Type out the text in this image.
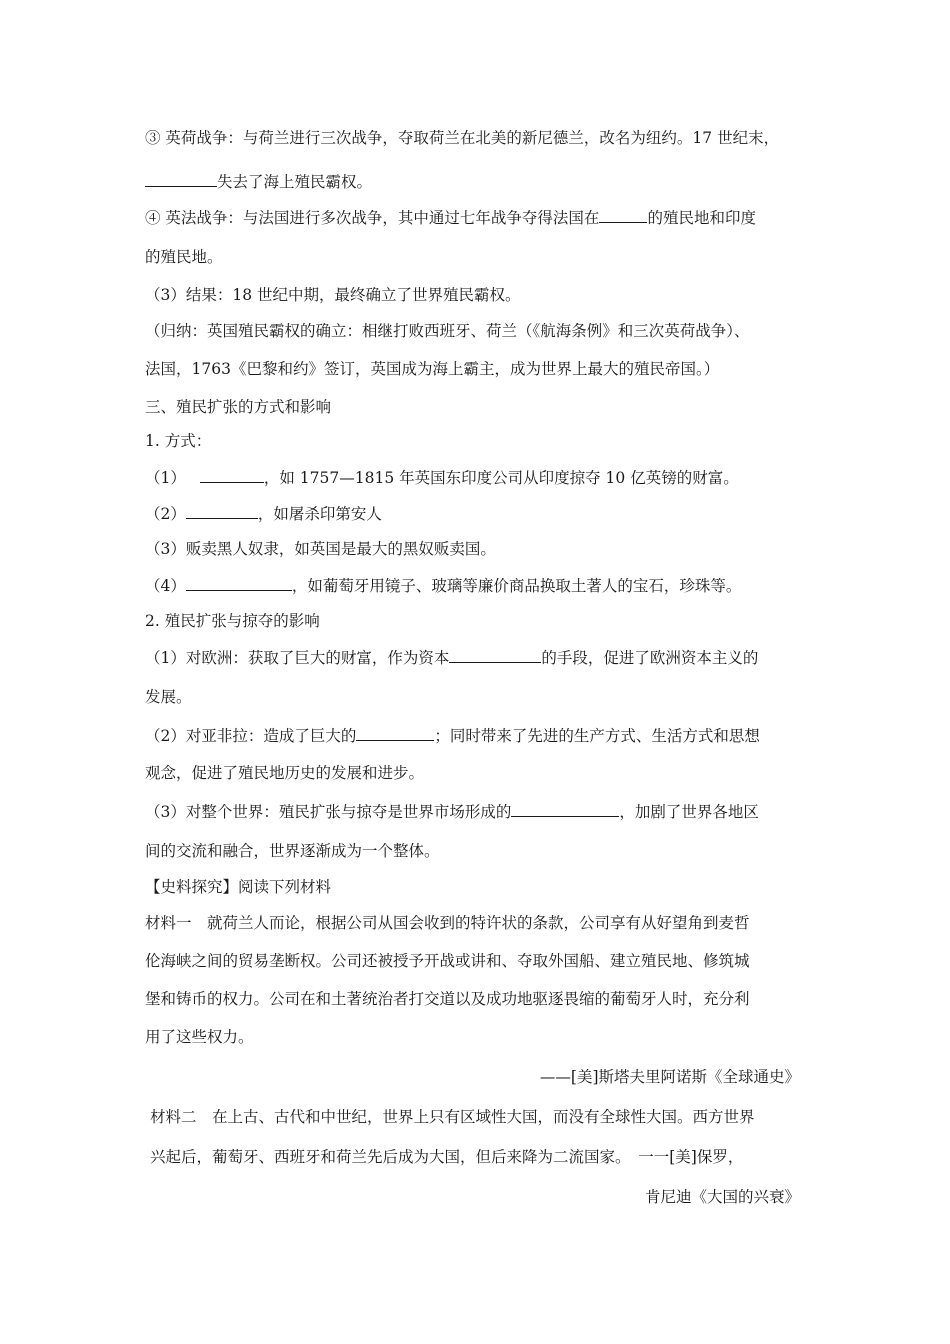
③ 英荷战争：与荷兰进行三次战争，夺取荷兰在北美的新尼德兰，改名为纽约。17 世纪末，
失去了海上殖民霸权。
④ 英法战争：与法国进行多次战争，其中通过七年战争夺得法国在	的殖民地和印度
的殖民地。
（3）结果：18 世纪中期，最终确立了世界殖民霸权。
（归纳：英国殖民霸权的确立：相继打败西班牙、荷兰（《航海条例》和三次英荷战争）、
法国，1763《巴黎和约》签订，英国成为海上霸主，成为世界上最大的殖民帝国。）
三、殖民扩张的方式和影响
1. 方式：
（1）	，如 1757—1815 年英国东印度公司从印度掠夺 10 亿英镑的财富。
（2）	，如屠杀印第安人
（3）贩卖黑人奴隶，如英国是最大的黑奴贩卖国。
（4）	，如葡萄牙用镜子、玻璃等廉价商品换取土著人的宝石，珍珠等。
2. 殖民扩张与掠夺的影响
（1）对欧洲：获取了巨大的财富，作为资本	的手段，促进了欧洲资本主义的
发展。
（2）对亚非拉：造成了巨大的	；同时带来了先进的生产方式、生活方式和思想
观念，促进了殖民地历史的发展和进步。
（3）对整个世界：殖民扩张与掠夺是世界市场形成的	，加剧了世界各地区
间的交流和融合，世界逐渐成为一个整体。
【史料探究】阅读下列材料
材料一　就荷兰人而论，根据公司从国会收到的特许状的条款，公司享有从好望角到麦哲
伦海峡之间的贸易垄断权。公司还被授予开战或讲和、夺取外国船、建立殖民地、修筑城
堡和铸币的权力。公司在和土著统治者打交道以及成功地驱逐畏缩的葡萄牙人时，充分利
用了这些权力。
——[美]斯塔夫里阿诺斯《全球通史》
材料二　在上古、古代和中世纪，世界上只有区域性大国，而没有全球性大国。西方世界
兴起后，葡萄牙、西班牙和荷兰先后成为大国，但后来降为二流国家。　一一[美]保罗，
肯尼迪《大国的兴衰》
